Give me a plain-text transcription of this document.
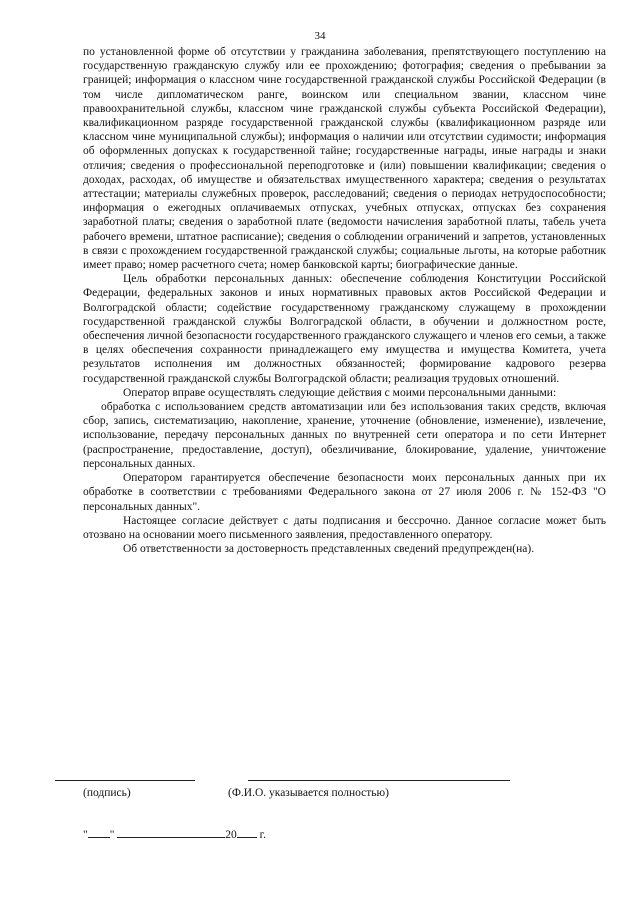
34

по установленной форме об отсутствии у гражданина заболевания, препятствующего поступлению на государственную гражданскую службу или ее прохождению; фотография; сведения о пребывании за границей; информация о классном чине государственной гражданской службы Российской Федерации (в том числе дипломатическом ранге, воинском или специальном звании, классном чине правоохранительной службы, классном чине гражданской службы субъекта Российской Федерации), квалификационном разряде государственной гражданской службы (квалификационном разряде или классном чине муниципальной службы); информация о наличии или отсутствии судимости; информация об оформленных допусках к государственной тайне; государственные награды, иные награды и знаки отличия; сведения о профессиональной переподготовке и (или) повышении квалификации; сведения о доходах, расходах, об имуществе и обязательствах имущественного характера; сведения о результатах аттестации; материалы служебных проверок, расследований; сведения о периодах нетрудоспособности; информация о ежегодных оплачиваемых отпусках, учебных отпусках, отпусках без сохранения заработной платы; сведения о заработной плате (ведомости начисления заработной платы, табель учета рабочего времени, штатное расписание); сведения о соблюдении ограничений и запретов, установленных в связи с прохождением государственной гражданской службы; социальные льготы, на которые работник имеет право; номер расчетного счета; номер банковской карты; биографические данные.

Цель обработки персональных данных: обеспечение соблюдения Конституции Российской Федерации, федеральных законов и иных нормативных правовых актов Российской Федерации и Волгоградской области; содействие государственному гражданскому служащему в прохождении государственной гражданской службы Волгоградской области, в обучении и должностном росте, обеспечения личной безопасности государственного гражданского служащего и членов его семьи, а также в целях обеспечения сохранности принадлежащего ему имущества и имущества Комитета, учета результатов исполнения им должностных обязанностей; формирование кадрового резерва государственной гражданской службы Волгоградской области; реализация трудовых отношений.

Оператор вправе осуществлять следующие действия с моими персональными данными:

обработка с использованием средств автоматизации или без использования таких средств, включая сбор, запись, систематизацию, накопление, хранение, уточнение (обновление, изменение), извлечение, использование, передачу персональных данных по внутренней сети оператора и по сети Интернет (распространение, предоставление, доступ), обезличивание, блокирование, удаление, уничтожение персональных данных.

Оператором гарантируется обеспечение безопасности моих персональных данных при их обработке в соответствии с требованиями Федерального закона от 27 июля 2006 г. № 152-ФЗ "О персональных данных".

Настоящее согласие действует с даты подписания и бессрочно. Данное согласие может быть отозвано на основании моего письменного заявления, предоставленного оператору.

Об ответственности за достоверность представленных сведений предупрежден(на).

(подпись)	(Ф.И.О. указывается полностью)
" "	20 г.
